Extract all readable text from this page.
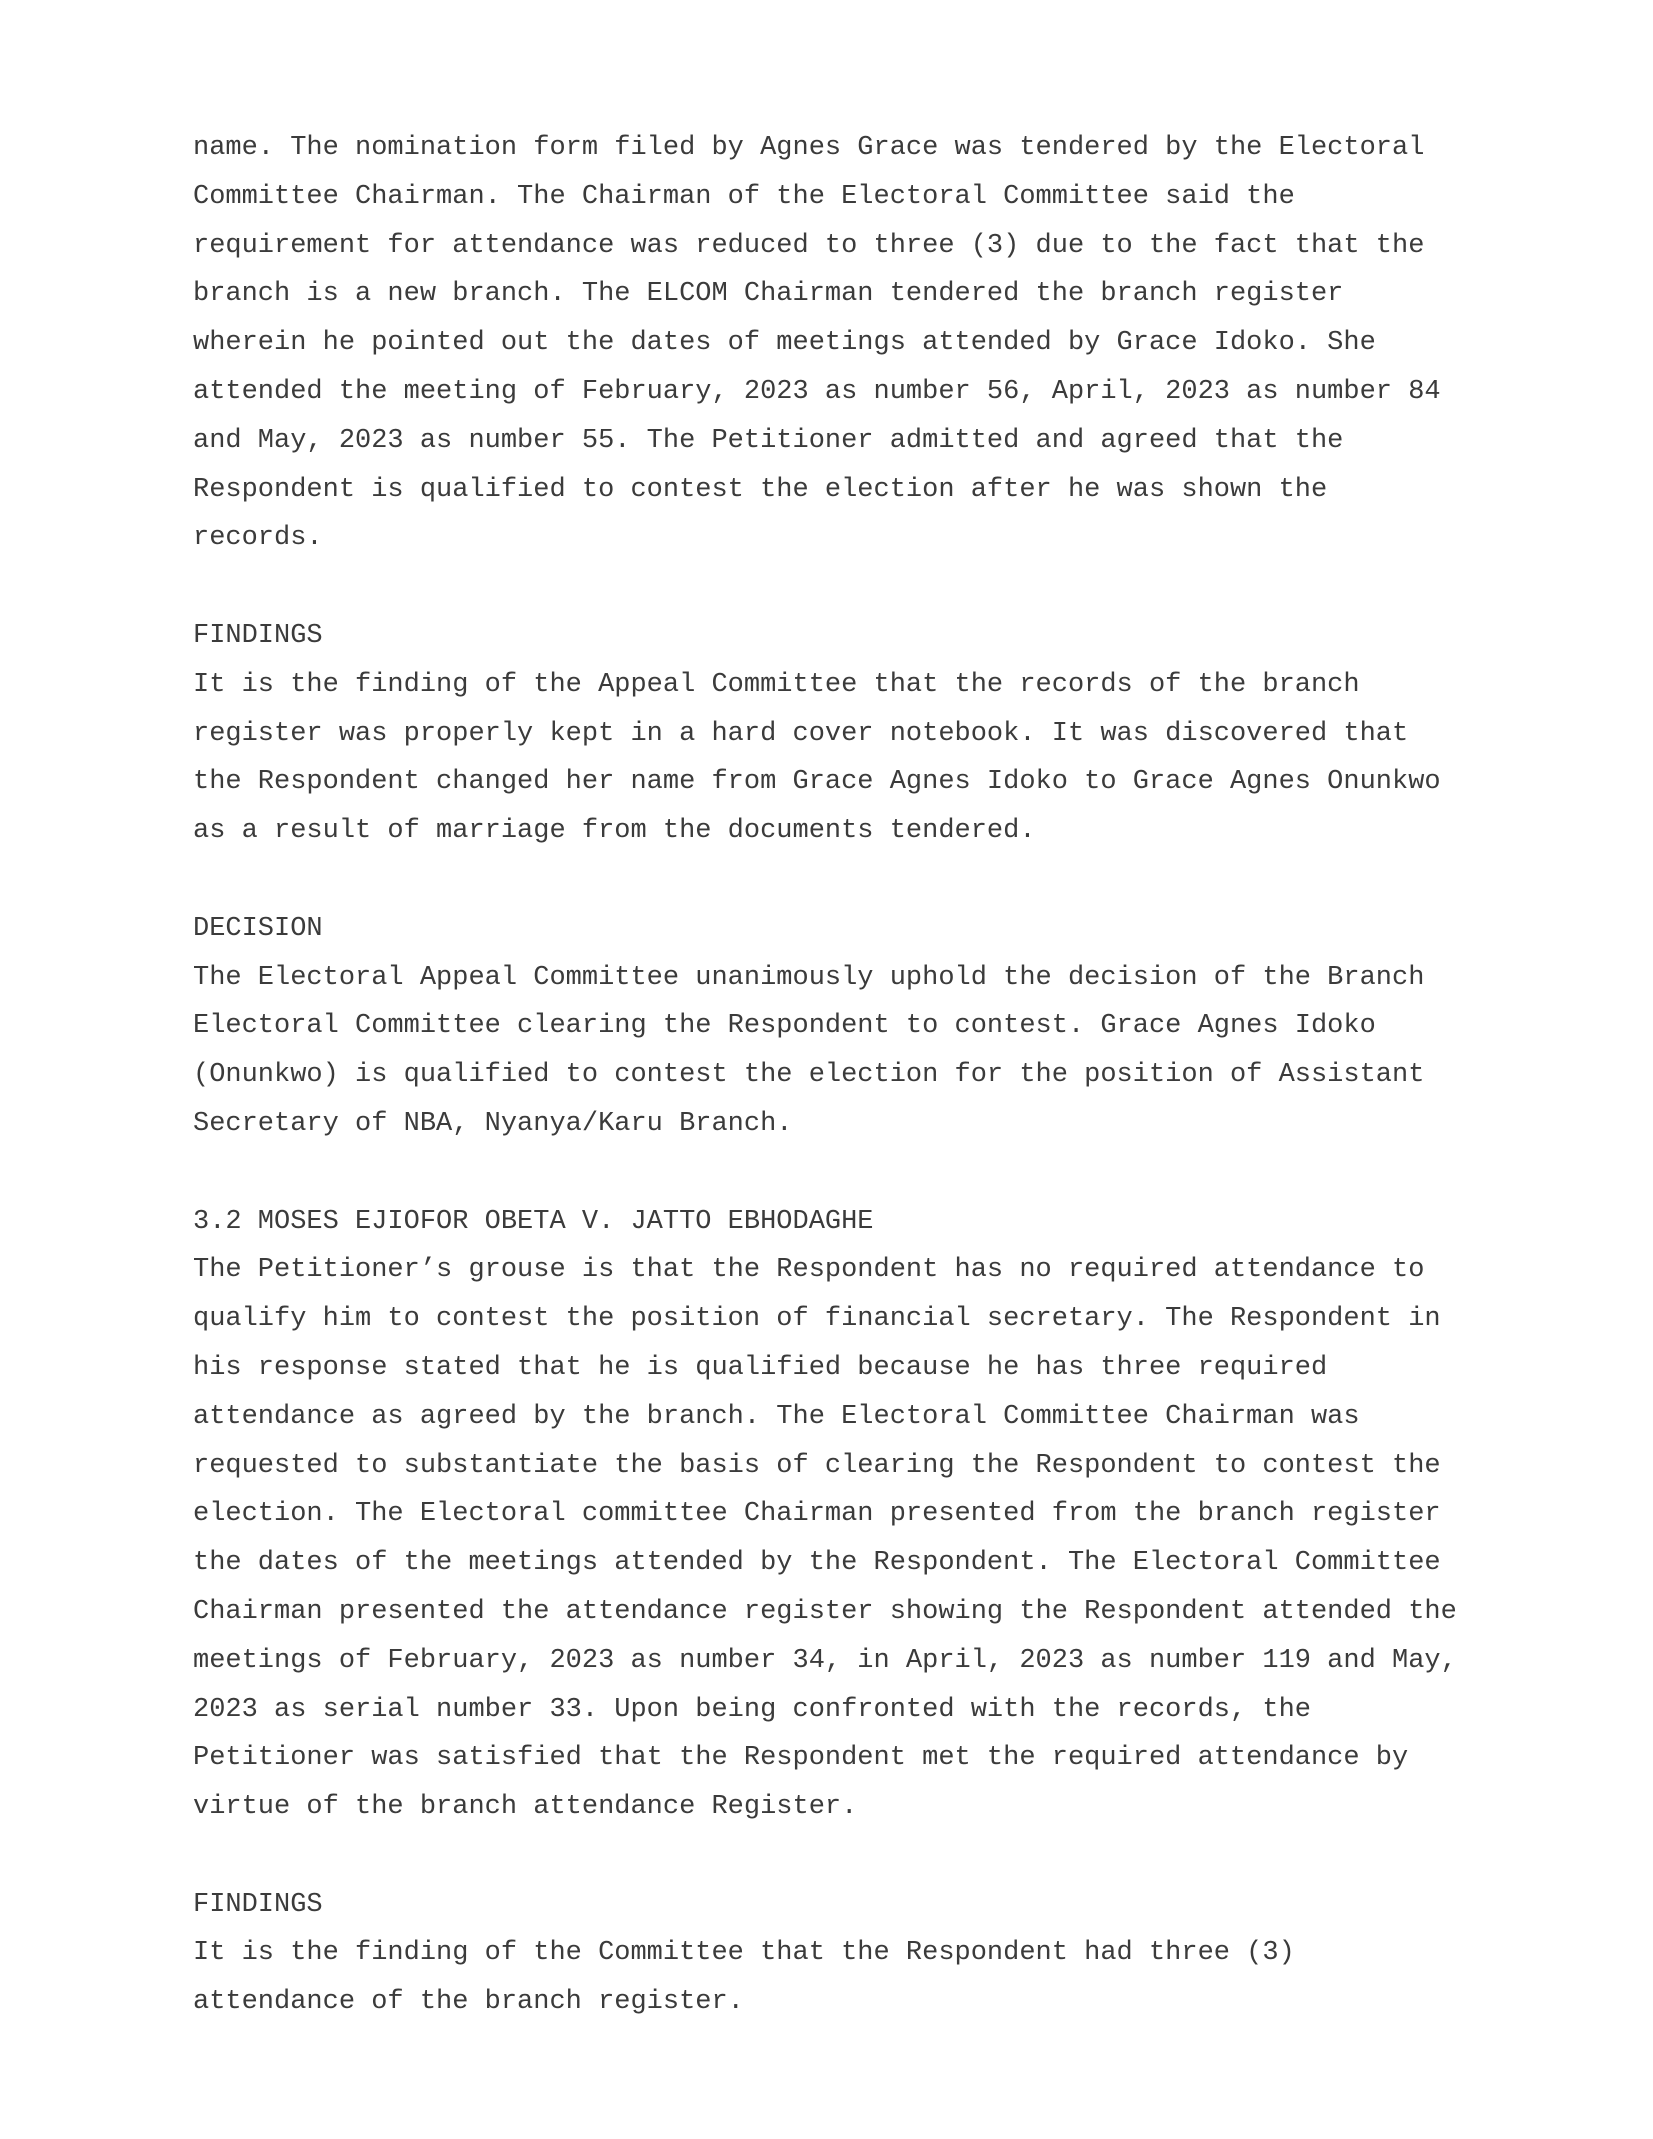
name. The nomination form filed by Agnes Grace was tendered by the Electoral
Committee Chairman. The Chairman of the Electoral Committee said the
requirement for attendance was reduced to three (3) due to the fact that the
branch is a new branch. The ELCOM Chairman tendered the branch register
wherein he pointed out the dates of meetings attended by Grace Idoko. She
attended the meeting of February, 2023 as number 56, April, 2023 as number 84
and May, 2023 as number 55. The Petitioner admitted and agreed that the
Respondent is qualified to contest the election after he was shown the
records.
FINDINGS
It is the finding of the Appeal Committee that the records of the branch
register was properly kept in a hard cover notebook. It was discovered that
the Respondent changed her name from Grace Agnes Idoko to Grace Agnes Onunkwo
as a result of marriage from the documents tendered.
DECISION
The Electoral Appeal Committee unanimously uphold the decision of the Branch
Electoral Committee clearing the Respondent to contest. Grace Agnes Idoko
(Onunkwo) is qualified to contest the election for the position of Assistant
Secretary of NBA, Nyanya/Karu Branch.
3.2 MOSES EJIOFOR OBETA V. JATTO EBHODAGHE
The Petitioner’s grouse is that the Respondent has no required attendance to
qualify him to contest the position of financial secretary. The Respondent in
his response stated that he is qualified because he has three required
attendance as agreed by the branch. The Electoral Committee Chairman was
requested to substantiate the basis of clearing the Respondent to contest the
election. The Electoral committee Chairman presented from the branch register
the dates of the meetings attended by the Respondent. The Electoral Committee
Chairman presented the attendance register showing the Respondent attended the
meetings of February, 2023 as number 34, in April, 2023 as number 119 and May,
2023 as serial number 33. Upon being confronted with the records, the
Petitioner was satisfied that the Respondent met the required attendance by
virtue of the branch attendance Register.
FINDINGS
It is the finding of the Committee that the Respondent had three (3)
attendance of the branch register.
